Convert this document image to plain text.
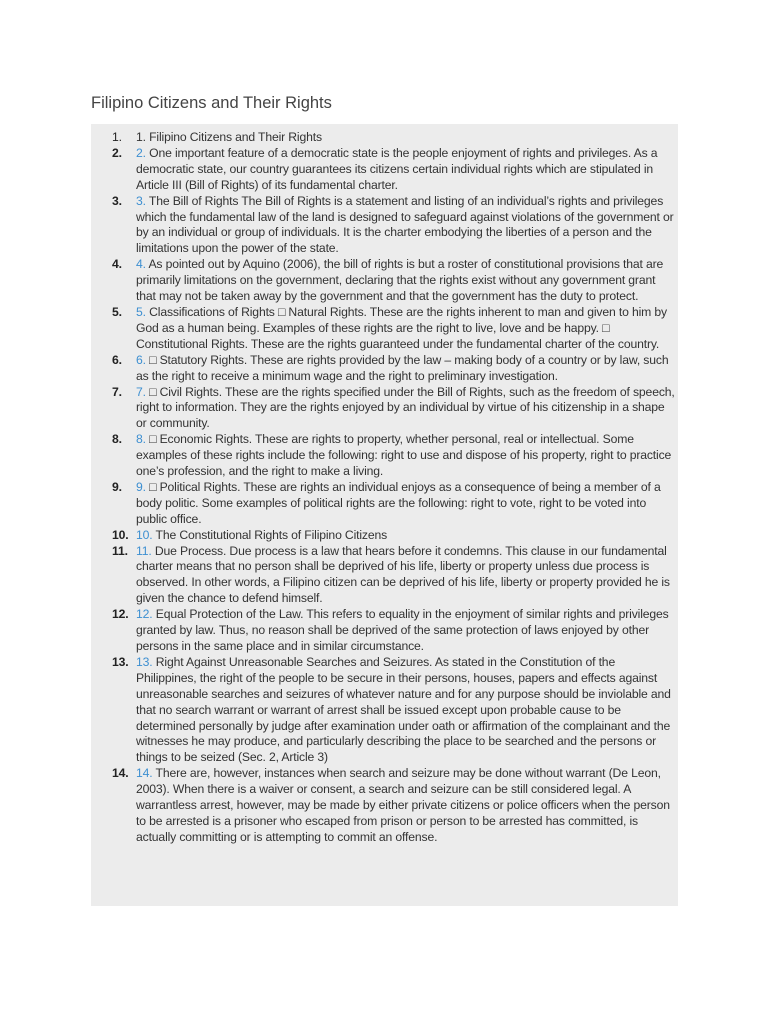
Filipino Citizens and Their Rights
1. 1. Filipino Citizens and Their Rights
2. 2. One important feature of a democratic state is the people enjoyment of rights and privileges. As a democratic state, our country guarantees its citizens certain individual rights which are stipulated in Article III (Bill of Rights) of its fundamental charter.
3. 3. The Bill of Rights The Bill of Rights is a statement and listing of an individual’s rights and privileges which the fundamental law of the land is designed to safeguard against violations of the government or by an individual or group of individuals. It is the charter embodying the liberties of a person and the limitations upon the power of the state.
4. 4. As pointed out by Aquino (2006), the bill of rights is but a roster of constitutional provisions that are primarily limitations on the government, declaring that the rights exist without any government grant that may not be taken away by the government and that the government has the duty to protect.
5. 5. Classifications of Rights □ Natural Rights. These are the rights inherent to man and given to him by God as a human being. Examples of these rights are the right to live, love and be happy. □ Constitutional Rights. These are the rights guaranteed under the fundamental charter of the country.
6. 6. □ Statutory Rights. These are rights provided by the law – making body of a country or by law, such as the right to receive a minimum wage and the right to preliminary investigation.
7. 7. □ Civil Rights. These are the rights specified under the Bill of Rights, such as the freedom of speech, right to information. They are the rights enjoyed by an individual by virtue of his citizenship in a shape or community.
8. 8. □ Economic Rights. These are rights to property, whether personal, real or intellectual. Some examples of these rights include the following: right to use and dispose of his property, right to practice one’s profession, and the right to make a living.
9. 9. □ Political Rights. These are rights an individual enjoys as a consequence of being a member of a body politic. Some examples of political rights are the following: right to vote, right to be voted into public office.
10. 10. The Constitutional Rights of Filipino Citizens
11. 11. Due Process. Due process is a law that hears before it condemns. This clause in our fundamental charter means that no person shall be deprived of his life, liberty or property unless due process is observed. In other words, a Filipino citizen can be deprived of his life, liberty or property provided he is given the chance to defend himself.
12. 12. Equal Protection of the Law. This refers to equality in the enjoyment of similar rights and privileges granted by law. Thus, no reason shall be deprived of the same protection of laws enjoyed by other persons in the same place and in similar circumstance.
13. 13. Right Against Unreasonable Searches and Seizures. As stated in the Constitution of the Philippines, the right of the people to be secure in their persons, houses, papers and effects against unreasonable searches and seizures of whatever nature and for any purpose should be inviolable and that no search warrant or warrant of arrest shall be issued except upon probable cause to be determined personally by judge after examination under oath or affirmation of the complainant and the witnesses he may produce, and particularly describing the place to be searched and the persons or things to be seized (Sec. 2, Article 3)
14. 14. There are, however, instances when search and seizure may be done without warrant (De Leon, 2003). When there is a waiver or consent, a search and seizure can be still considered legal. A warrantless arrest, however, may be made by either private citizens or police officers when the person to be arrested is a prisoner who escaped from prison or person to be arrested has committed, is actually committing or is attempting to commit an offense.
